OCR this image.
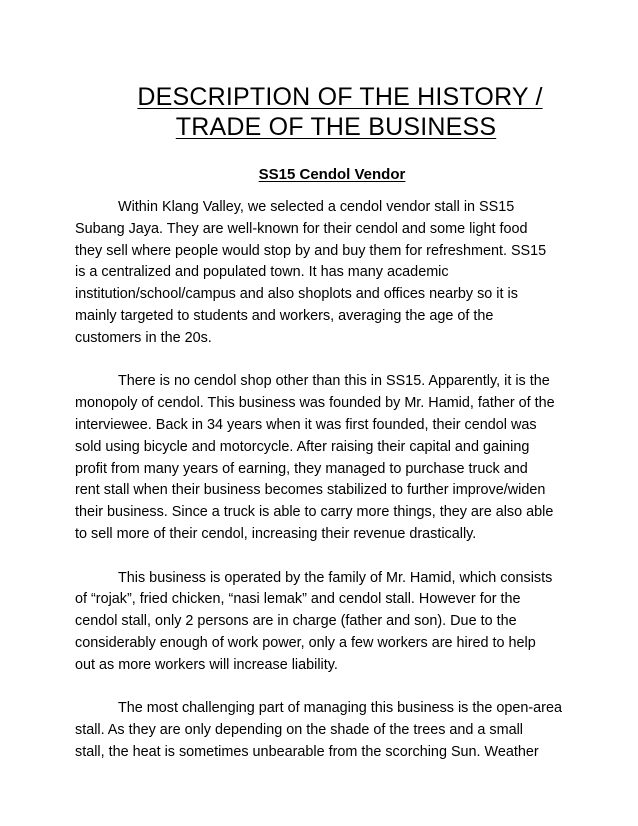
DESCRIPTION OF THE HISTORY /
TRADE OF THE BUSINESS
SS15 Cendol Vendor
Within Klang Valley, we selected a cendol vendor stall in SS15
Subang Jaya. They are well-known for their cendol and some light food
they sell where people would stop by and buy them for refreshment. SS15
is a centralized and populated town. It has many academic
institution/school/campus and also shoplots and offices nearby so it is
mainly targeted to students and workers, averaging the age of the
customers in the 20s.
There is no cendol shop other than this in SS15. Apparently, it is the
monopoly of cendol. This business was founded by Mr. Hamid, father of the
interviewee. Back in 34 years when it was first founded, their cendol was
sold using bicycle and motorcycle. After raising their capital and gaining
profit from many years of earning, they managed to purchase truck and
rent stall when their business becomes stabilized to further improve/widen
their business. Since a truck is able to carry more things, they are also able
to sell more of their cendol, increasing their revenue drastically.
This business is operated by the family of Mr. Hamid, which consists
of “rojak”, fried chicken, “nasi lemak” and cendol stall. However for the
cendol stall, only 2 persons are in charge (father and son). Due to the
considerably enough of work power, only a few workers are hired to help
out as more workers will increase liability.
The most challenging part of managing this business is the open-area
stall. As they are only depending on the shade of the trees and a small
stall, the heat is sometimes unbearable from the scorching Sun. Weather
